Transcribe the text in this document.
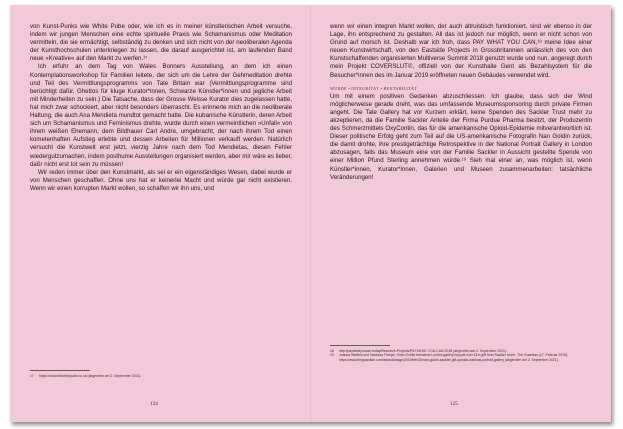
von Kunst-Punks wie White Pube oder, wie ich es in meiner künstlerischen Arbeit versuche, indem wir jungen Menschen eine echte spirituelle Praxis wie Schamanismus oder Meditation vermitteln, die sie ermächtigt, selbständig zu denken und sich nicht von der neoliberalen Agenda der Kunsthochschulen unterkriegen zu lassen, die darauf ausgerichtet ist, am laufenden Band neue »Kreative« auf den Markt zu werfen.¹⁷

Ich erfuhr an dem Tag von Wales Bonners Ausstellung, an dem ich einen Kontemplationsworkshop für Familien leitete, der sich um die Lehre der Gehmeditation drehte und Teil des Vermittlungsprogramms von Tate Britain war (Vermittlungsprogramme sind berüchtigt dafür, Ghettos für kluge Kurator*innen, Schwarze Künstler*innen und jegliche Arbeit mit Minderheiten zu sein.) Die Tatsache, dass der Grosse Weisse Kurator dies zugelassen hatte, hat mich zwar schockiert, aber nicht besonders überrascht. Es erinnerte mich an die neoliberale Haltung, die auch Ana Mendieta mundtot gemacht hatte. Die kubanische Künstlerin, deren Arbeit sich um Schamanismus und Feminismus drehte, wurde durch einen vermeintlichen »Unfall« von ihrem weißen Ehemann, dem Bildhauer Carl Andre, umgebracht, der nach ihrem Tod einen kometenhaften Aufstieg erlebte und dessen Arbeiten für Millionen verkauft werden. Natürlich versucht die Kunstwelt erst jetzt, vierzig Jahre nach dem Tod Mendietas, diesen Fehler wiedergutzumachen, indem posthume Ausstellungen organisiert werden, aber mir wäre es lieber, daßr nicht erst tot sein zu müssen!

Wir reden immer über den Kunstmarkt, als sei er ein eigenständiges Wesen, dabei wurde er von Menschen geschaffen. Ohne uns hat er keinerlei Macht und würde gar nicht existieren. Wenn wir einen korrupten Markt wollen, so schaffen wir ihn uns, und

17	https://www.thewhitepube.co.uk (abgerufen am 2. September 2021).
124

wenn wir einen integren Markt wollen, der auch altruistisch funktioniert, sind wir ebenso in der Lage, ihn entsprechend zu gestalten. All das ist jedoch nur möglich, wenn er nicht schon von Grund auf morsch ist. Deshalb war ich froh, dass PAY WHAT YOU CAN,¹⁸ meine Idee einer neuen Kunstwirtschaft, von den Eastside Projects in Grossbritannien anlässlich des von den Kunstschaffenden organisierten Multiverse Summit 2018 genutzt wurde und nun, angeregt durch mein Projekt COVERSLUT©, offiziell von der Kunsthalle Gent als Bezahlsystem für die Besucher*innen des im Januar 2019 eröffneten neuen Gebäudes verwendet wird.

WÜRDE • INTEGRITÄT • RENTABILITÄT

Um mit einem positiven Gedanken abzuschliessen: Ich glaube, dass sich der Wind möglicherweise gerade dreht, was das umfassende Museumssponsoring durch private Firmen angeht. Die Tate Gallery hat vor Kurzem erklärt, keine Spenden des Sackler Trust mehr zu akzeptieren, da die Familie Sackler Anteile der Firma Purdue Pharma besitzt, der Produzentin des Schmerzmittels OxyContin, das für die amerikanische Opioid-Epidemie mitverantwortlich ist. Dieser politische Erfolg geht zum Teil auf die US-amerikanische Fotografin Nan Goldin zurück, die damit drohte, ihre prestigeträchtige Retrospektive in der National Portrait Gallery in London abzusagen, falls das Museum eine von der Familie Sackler in Aussicht gestellte Spende von einer Million Pfund Sterling annehmen würde.¹⁹ Sieh mal einer an, was möglich ist, wenn Künstler*innen, Kurator*innen, Galerien und Museen zusammenarbeiten: tatsächliche Veränderungen!

18	http://paywhatyoucan.today/Research-Projects/PAY-WHAT-YOU-CAN-2018 (abgerufen am 2. September 2021).
19	Joanna Walters und Vanessa Thorpe, »Nan Goldin threatens London gallery boycott over £1m gift from Sackler fund«, The Guardian (17. Februar 2019), https://www.theguardian.com/artanddesign/2019/feb/16/nan-goldin-sackler-gift-opioids-national-portrait-gallery (abgerufen am 2. September 2021).
125
